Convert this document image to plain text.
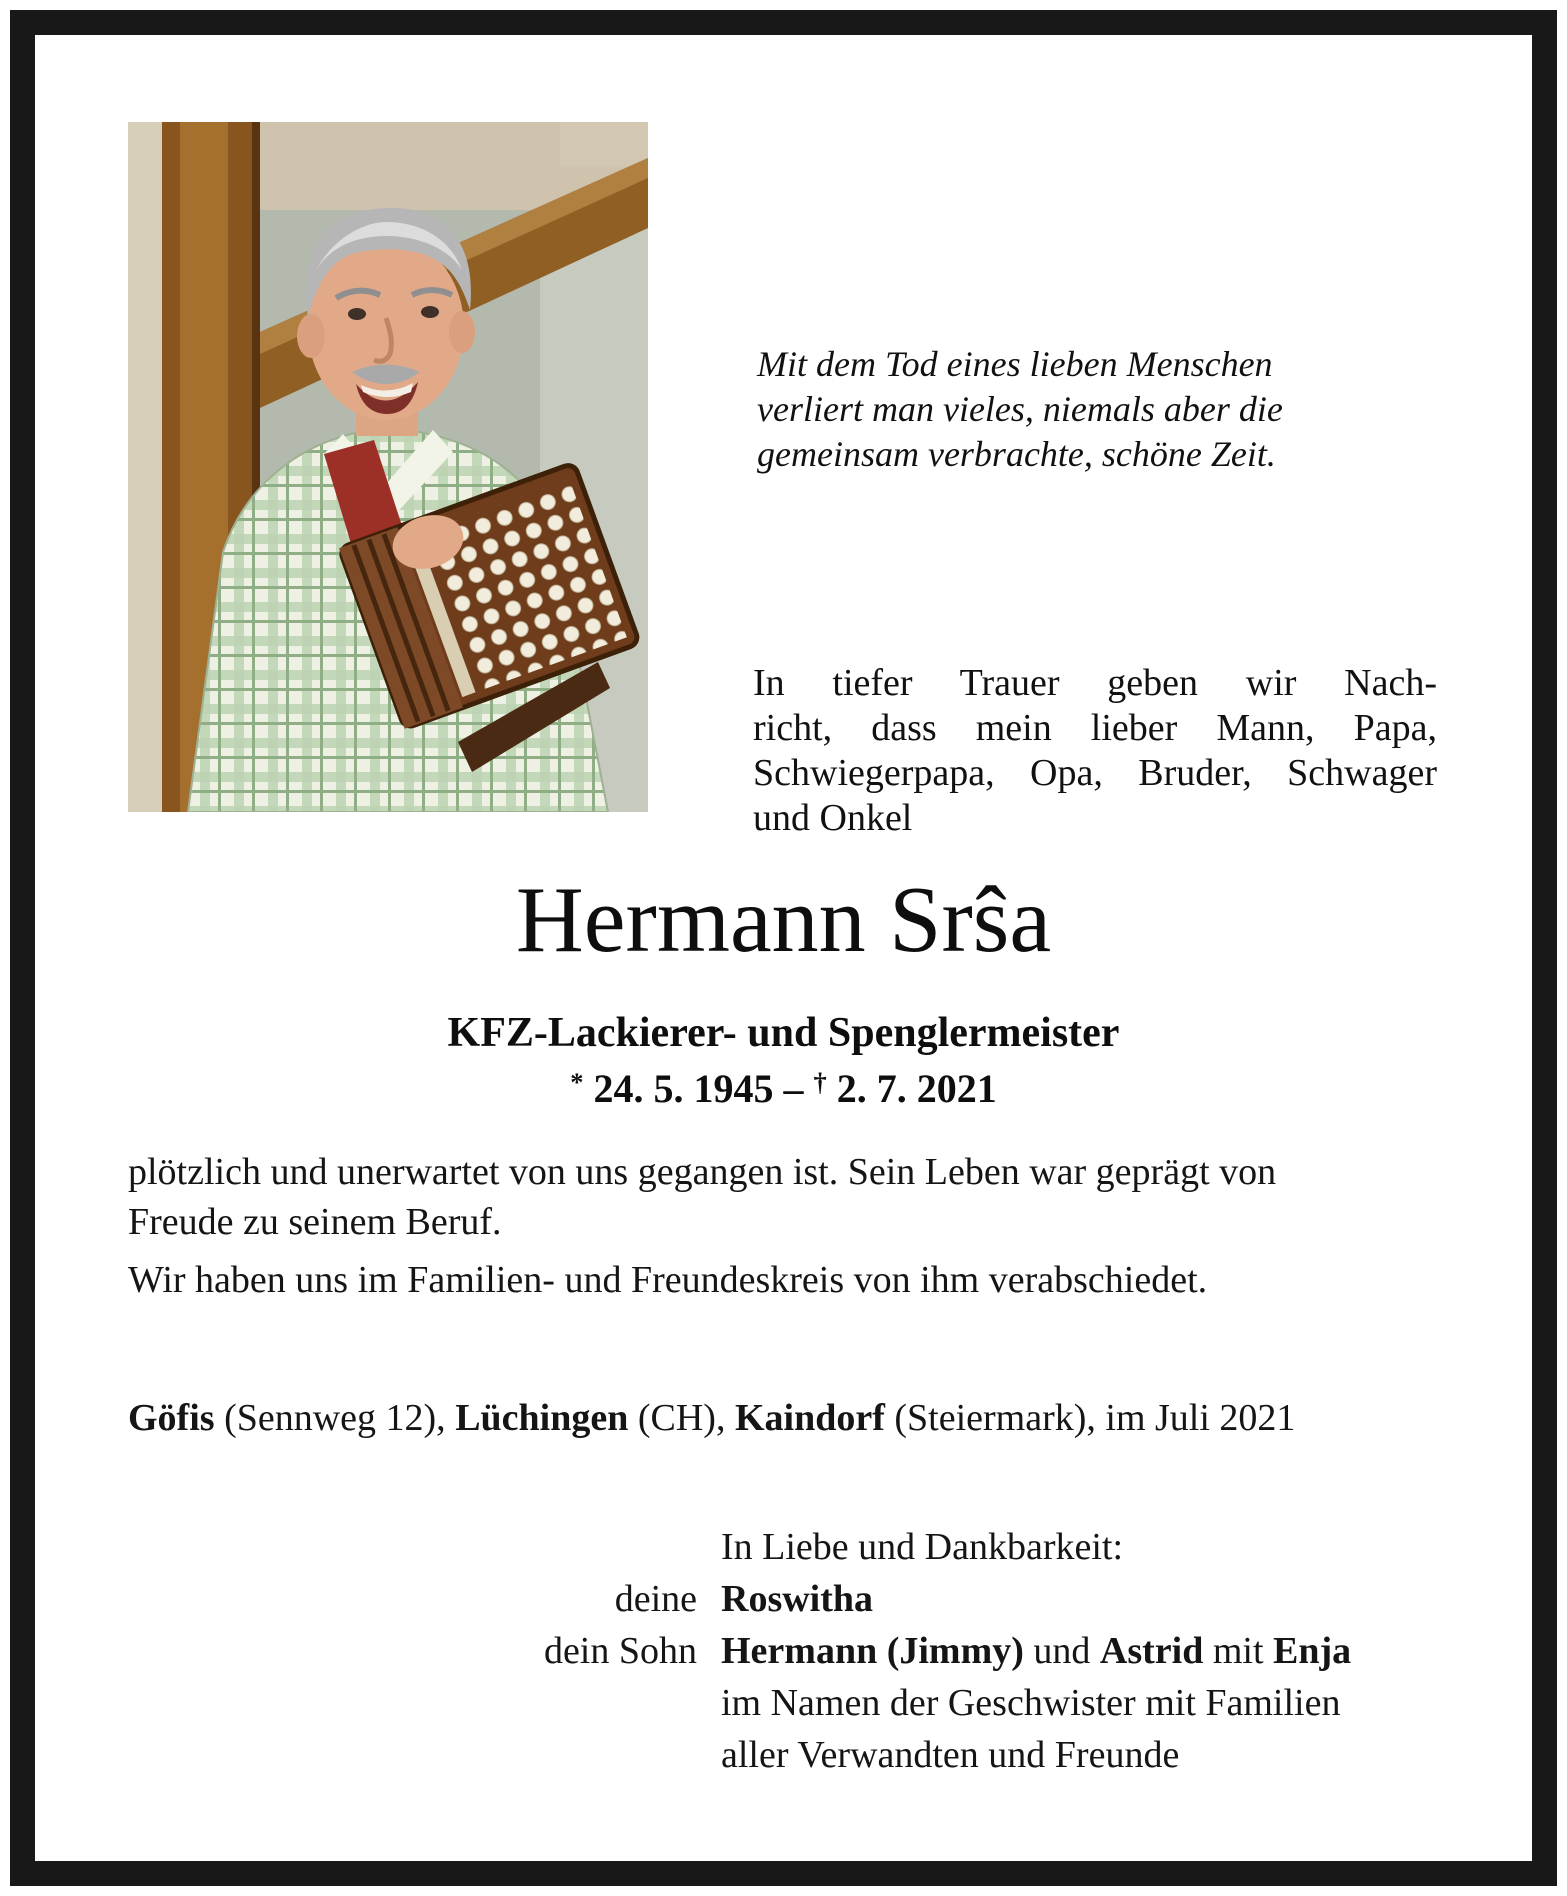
Mit dem Tod eines lieben Menschen
verliert man vieles, niemals aber die
gemeinsam verbrachte, schöne Zeit.
In tiefer Trauer geben wir Nach-
richt, dass mein lieber Mann, Papa,
Schwiegerpapa, Opa, Bruder, Schwager
und Onkel
Hermann Srŝa
KFZ-Lackierer- und Spenglermeister
* 24. 5. 1945 – † 2. 7. 2021
plötzlich und unerwartet von uns gegangen ist. Sein Leben war geprägt von
Freude zu seinem Beruf.
Wir haben uns im Familien- und Freundeskreis von ihm verabschiedet.
Göfis (Sennweg 12), Lüchingen (CH), Kaindorf (Steiermark), im Juli 2021
In Liebe und Dankbarkeit:
deine Roswitha
dein Sohn Hermann (Jimmy) und Astrid mit Enja
im Namen der Geschwister mit Familien
aller Verwandten und Freunde
